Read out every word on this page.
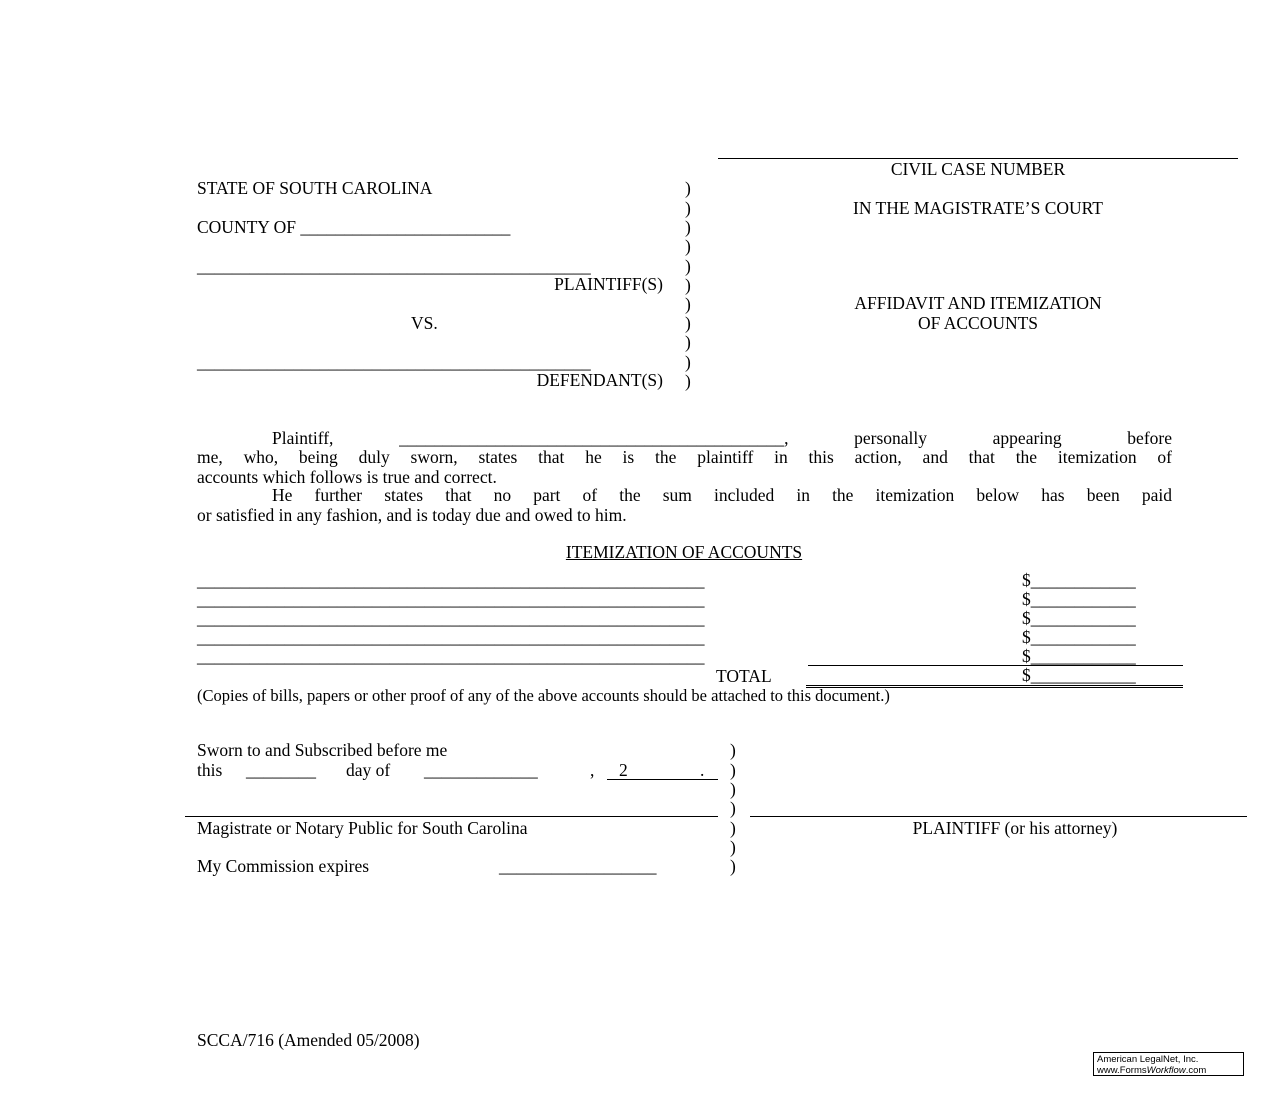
STATE OF SOUTH CAROLINA
COUNTY OF ________________________
_____________________________________________
PLAINTIFF(S)
VS.
_____________________________________________
DEFENDANT(S)
)
)
)
)
)
)
)
)
)
)
)
CIVIL CASE NUMBER
IN THE MAGISTRATE’S COURT
AFFIDAVIT AND ITEMIZATION
OF ACCOUNTS
Plaintiff, ____________________________________________, personally appearing before
me, who, being duly sworn, states that he is the plaintiff in this action, and that the itemization of
accounts which follows is true and correct.
He further states that no part of the sum included in the itemization below has been paid
or satisfied in any fashion, and is today due and owed to him.
ITEMIZATION OF ACCOUNTS
__________________________________________________________	$____________
__________________________________________________________	$____________
__________________________________________________________	$____________
__________________________________________________________	$____________
__________________________________________________________	$____________
TOTAL	$____________
(Copies of bills, papers or other proof of any of the above accounts should be attached to this document.)
Sworn to and Subscribed before me
this ________ day of _____________	, 2	.
)
)
)
)
)
)
)
Magistrate or Notary Public for South Carolina
My Commission expires	__________________
PLAINTIFF (or his attorney)
SCCA/716 (Amended 05/2008)
American LegalNet, Inc.
www.FormsWorkflow.com
